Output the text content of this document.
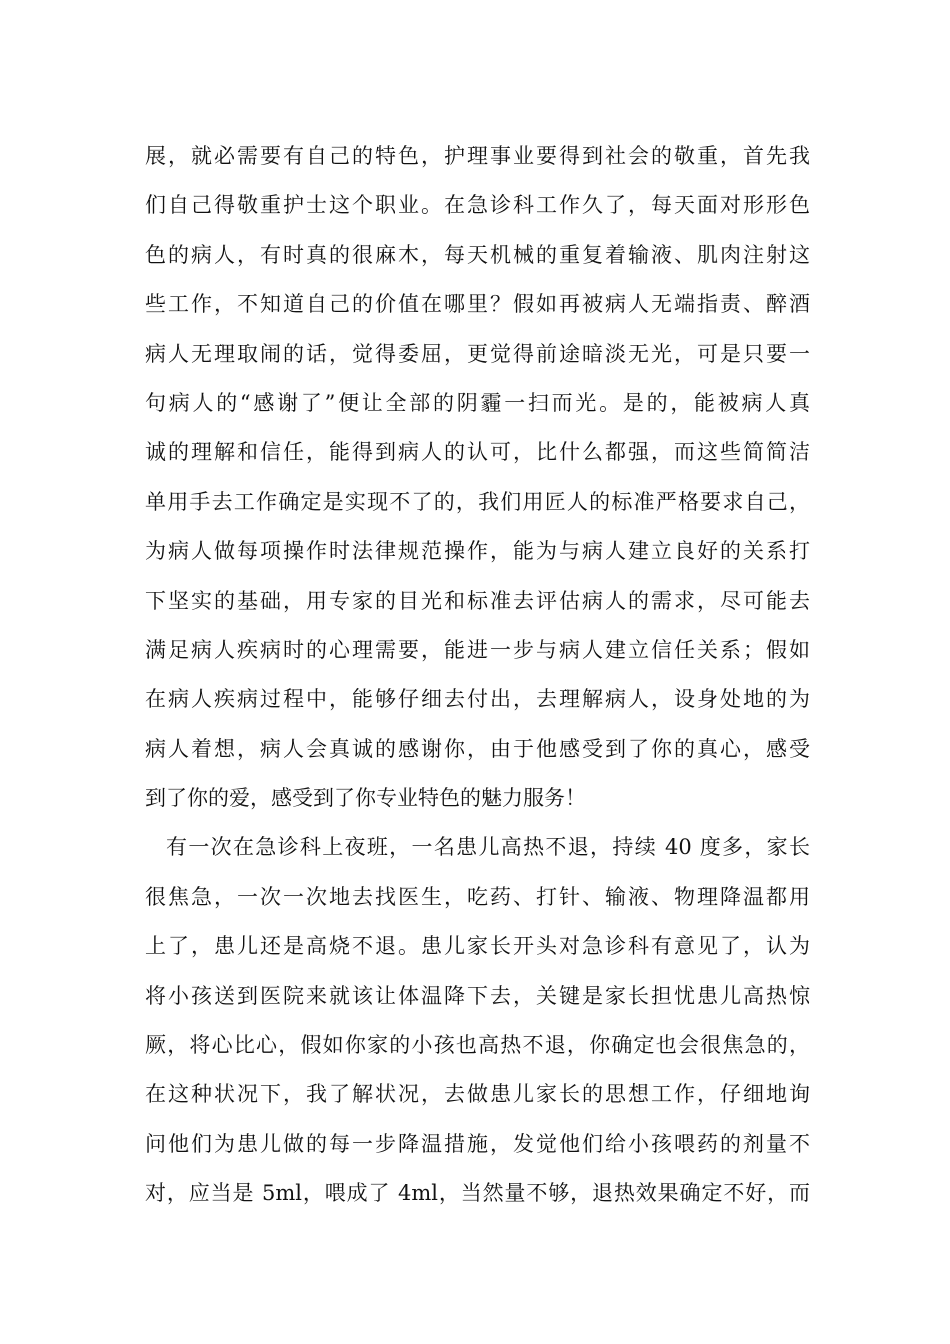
展，就必需要有自己的特色，护理事业要得到社会的敬重，首先我
们自己得敬重护士这个职业。在急诊科工作久了，每天面对形形色
色的病人，有时真的很麻木，每天机械的重复着输液、肌肉注射这
些工作，不知道自己的价值在哪里？假如再被病人无端指责、醉酒
病人无理取闹的话，觉得委屈，更觉得前途暗淡无光，可是只要一
句病人的“感谢了”便让全部的阴霾一扫而光。是的，能被病人真
诚的理解和信任，能得到病人的认可，比什么都强，而这些简简洁
单用手去工作确定是实现不了的，我们用匠人的标准严格要求自己，
为病人做每项操作时法律规范操作，能为与病人建立良好的关系打
下坚实的基础，用专家的目光和标准去评估病人的需求，尽可能去
满足病人疾病时的心理需要，能进一步与病人建立信任关系；假如
在病人疾病过程中，能够仔细去付出，去理解病人，设身处地的为
病人着想，病人会真诚的感谢你，由于他感受到了你的真心，感受
到了你的爱，感受到了你专业特色的魅力服务！
有一次在急诊科上夜班，一名患儿高热不退，持续 40 度多，家长
很焦急，一次一次地去找医生，吃药、打针、输液、物理降温都用
上了，患儿还是高烧不退。患儿家长开头对急诊科有意见了，认为
将小孩送到医院来就该让体温降下去，关键是家长担忧患儿高热惊
厥，将心比心，假如你家的小孩也高热不退，你确定也会很焦急的，
在这种状况下，我了解状况，去做患儿家长的思想工作，仔细地询
问他们为患儿做的每一步降温措施，发觉他们给小孩喂药的剂量不
对，应当是 5ml，喂成了 4ml，当然量不够，退热效果确定不好，而
